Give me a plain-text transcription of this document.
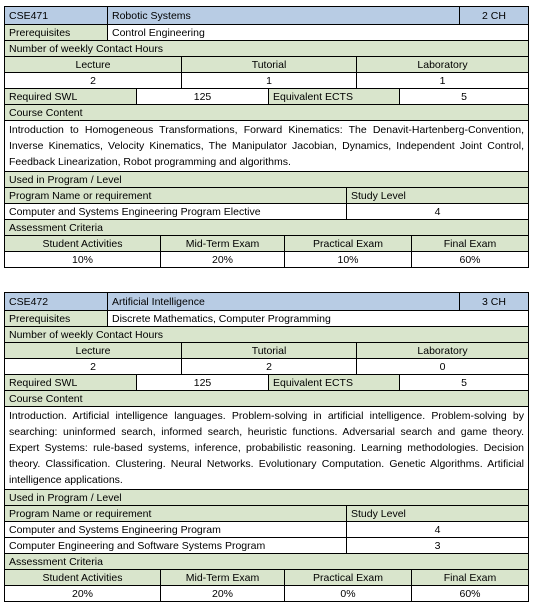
CSE471	Robotic Systems	2 CH
Prerequisites	Control Engineering
Number of weekly Contact Hours
Lecture	Tutorial	Laboratory
2	1	1
Required SWL	125	Equivalent ECTS	5
Course Content
Introduction to Homogeneous Transformations, Forward Kinematics: The Denavit-Hartenberg-Convention, Inverse Kinematics, Velocity Kinematics, The Manipulator Jacobian, Dynamics, Independent Joint Control, Feedback Linearization, Robot programming and algorithms.
Used in Program / Level
Program Name or requirement	Study Level
Computer and Systems Engineering Program Elective	4
Assessment Criteria
Student Activities	Mid-Term Exam	Practical Exam	Final Exam
10%	20%	10%	60%
CSE472	Artificial Intelligence	3 CH
Prerequisites	Discrete Mathematics, Computer Programming
Number of weekly Contact Hours
Lecture	Tutorial	Laboratory
2	2	0
Required SWL	125	Equivalent ECTS	5
Course Content
Introduction. Artificial intelligence languages. Problem-solving in artificial intelligence. Problem-solving by searching: uninformed search, informed search, heuristic functions. Adversarial search and game theory. Expert Systems: rule-based systems, inference, probabilistic reasoning. Learning methodologies. Decision theory. Classification. Clustering. Neural Networks. Evolutionary Computation. Genetic Algorithms. Artificial intelligence applications.
Used in Program / Level
Program Name or requirement	Study Level
Computer and Systems Engineering Program	4
Computer Engineering and Software Systems Program	3
Assessment Criteria
Student Activities	Mid-Term Exam	Practical Exam	Final Exam
20%	20%	0%	60%
